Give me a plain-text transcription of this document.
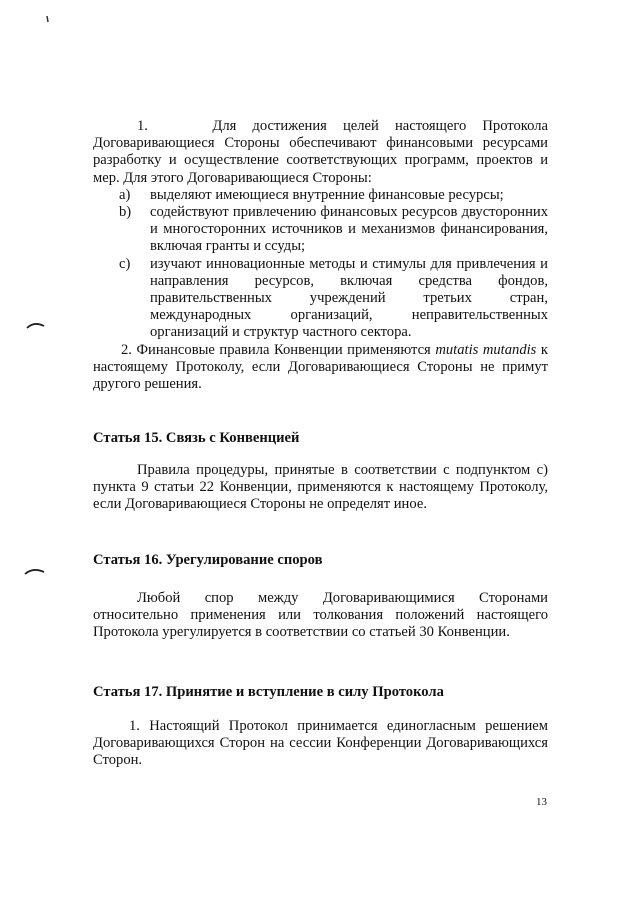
1.	Для достижения целей настоящего Протокола Договаривающиеся Стороны обеспечивают финансовыми ресурсами разработку и осуществление соответствующих программ, проектов и мер. Для этого Договаривающиеся Стороны:

a) выделяют имеющиеся внутренние финансовые ресурсы;

b) содействуют привлечению финансовых ресурсов двусторонних и многосторонних источников и механизмов финансирования, включая гранты и ссуды;

c) изучают инновационные методы и стимулы для привлечения и направления ресурсов, включая средства фондов, правительственных учреждений третьих стран, международных организаций, неправительственных организаций и структур частного сектора.

2. Финансовые правила Конвенции применяются mutatis mutandis к настоящему Протоколу, если Договаривающиеся Стороны не примут другого решения.

Статья 15. Связь с Конвенцией

Правила процедуры, принятые в соответствии с подпунктом с) пункта 9 статьи 22 Конвенции, применяются к настоящему Протоколу, если Договаривающиеся Стороны не определят иное.

Статья 16. Урегулирование споров

Любой спор между Договаривающимися Сторонами относительно применения или толкования положений настоящего Протокола урегулируется в соответствии со статьей 30 Конвенции.

Статья 17. Принятие и вступление в силу Протокола

1. Настоящий Протокол принимается единогласным решением Договаривающихся Сторон на сессии Конференции Договаривающихся Сторон.

13
